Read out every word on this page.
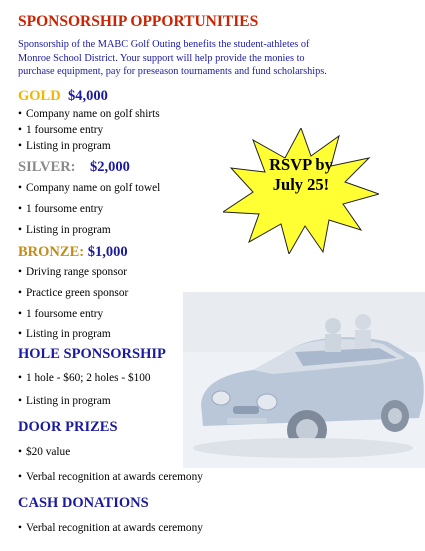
RSVP by
July 25!
SPONSORSHIP OPPORTUNITIES
Sponsorship of the MABC Golf Outing benefits the student-athletes of
Monroe School District. Your support will help provide the monies to
purchase equipment, pay for preseason tournaments and fund scholarships.
GOLD $4,000
• Company name on golf shirts
• 1 foursome entry
• Listing in program
SILVER: $2,000
• Company name on golf towel
• 1 foursome entry
• Listing in program
BRONZE: $1,000
• Driving range sponsor
• Practice green sponsor
• 1 foursome entry
• Listing in program
HOLE SPONSORSHIP
• 1 hole - $60; 2 holes - $100
• Listing in program
DOOR PRIZES
• $20 value
• Verbal recognition at awards ceremony
CASH DONATIONS
• Verbal recognition at awards ceremony
